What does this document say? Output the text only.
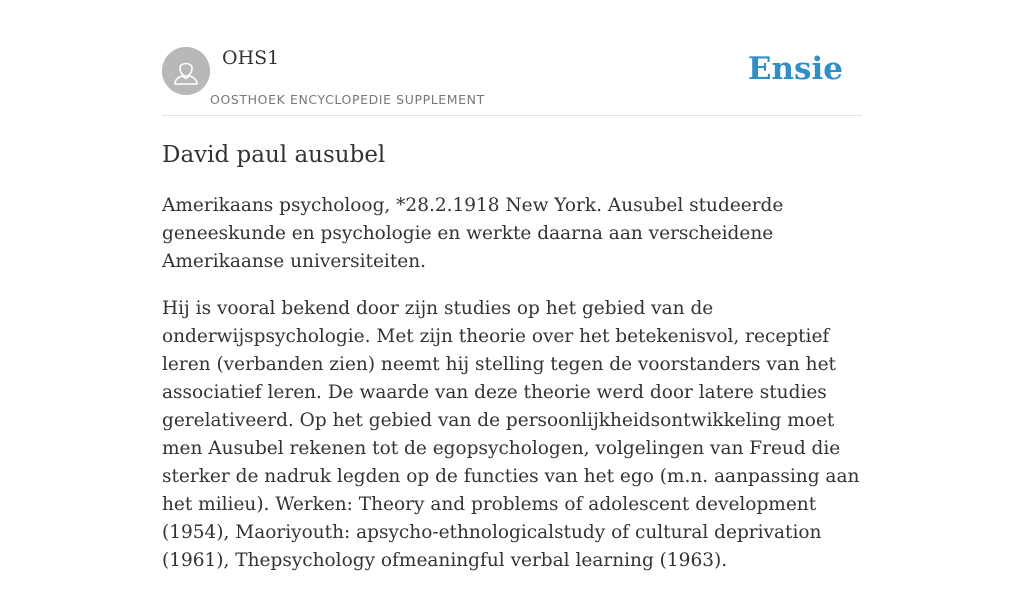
OHS1
OOSTHOEK ENCYCLOPEDIE SUPPLEMENT
Ensie
David paul ausubel

Amerikaans psycholoog, *28.2.1918 New York. Ausubel studeerde geneeskunde en psychologie en werkte daarna aan verscheidene Amerikaanse universiteiten.

Hij is vooral bekend door zijn studies op het gebied van de onderwijspsychologie. Met zijn theorie over het betekenisvol, receptief leren (verbanden zien) neemt hij stelling tegen de voorstanders van het associatief leren. De waarde van deze theorie werd door latere studies gerelativeerd. Op het gebied van de persoonlijkheidsontwikkeling moet men Ausubel rekenen tot de egopsychologen, volgelingen van Freud die sterker de nadruk legden op de functies van het ego (m.n. aanpassing aan het milieu). Werken: Theory and problems of adolescent development (1954), Maoriyouth: apsycho-ethnologicalstudy of cultural deprivation (1961), Thepsychology ofmeaningful verbal learning (1963).
